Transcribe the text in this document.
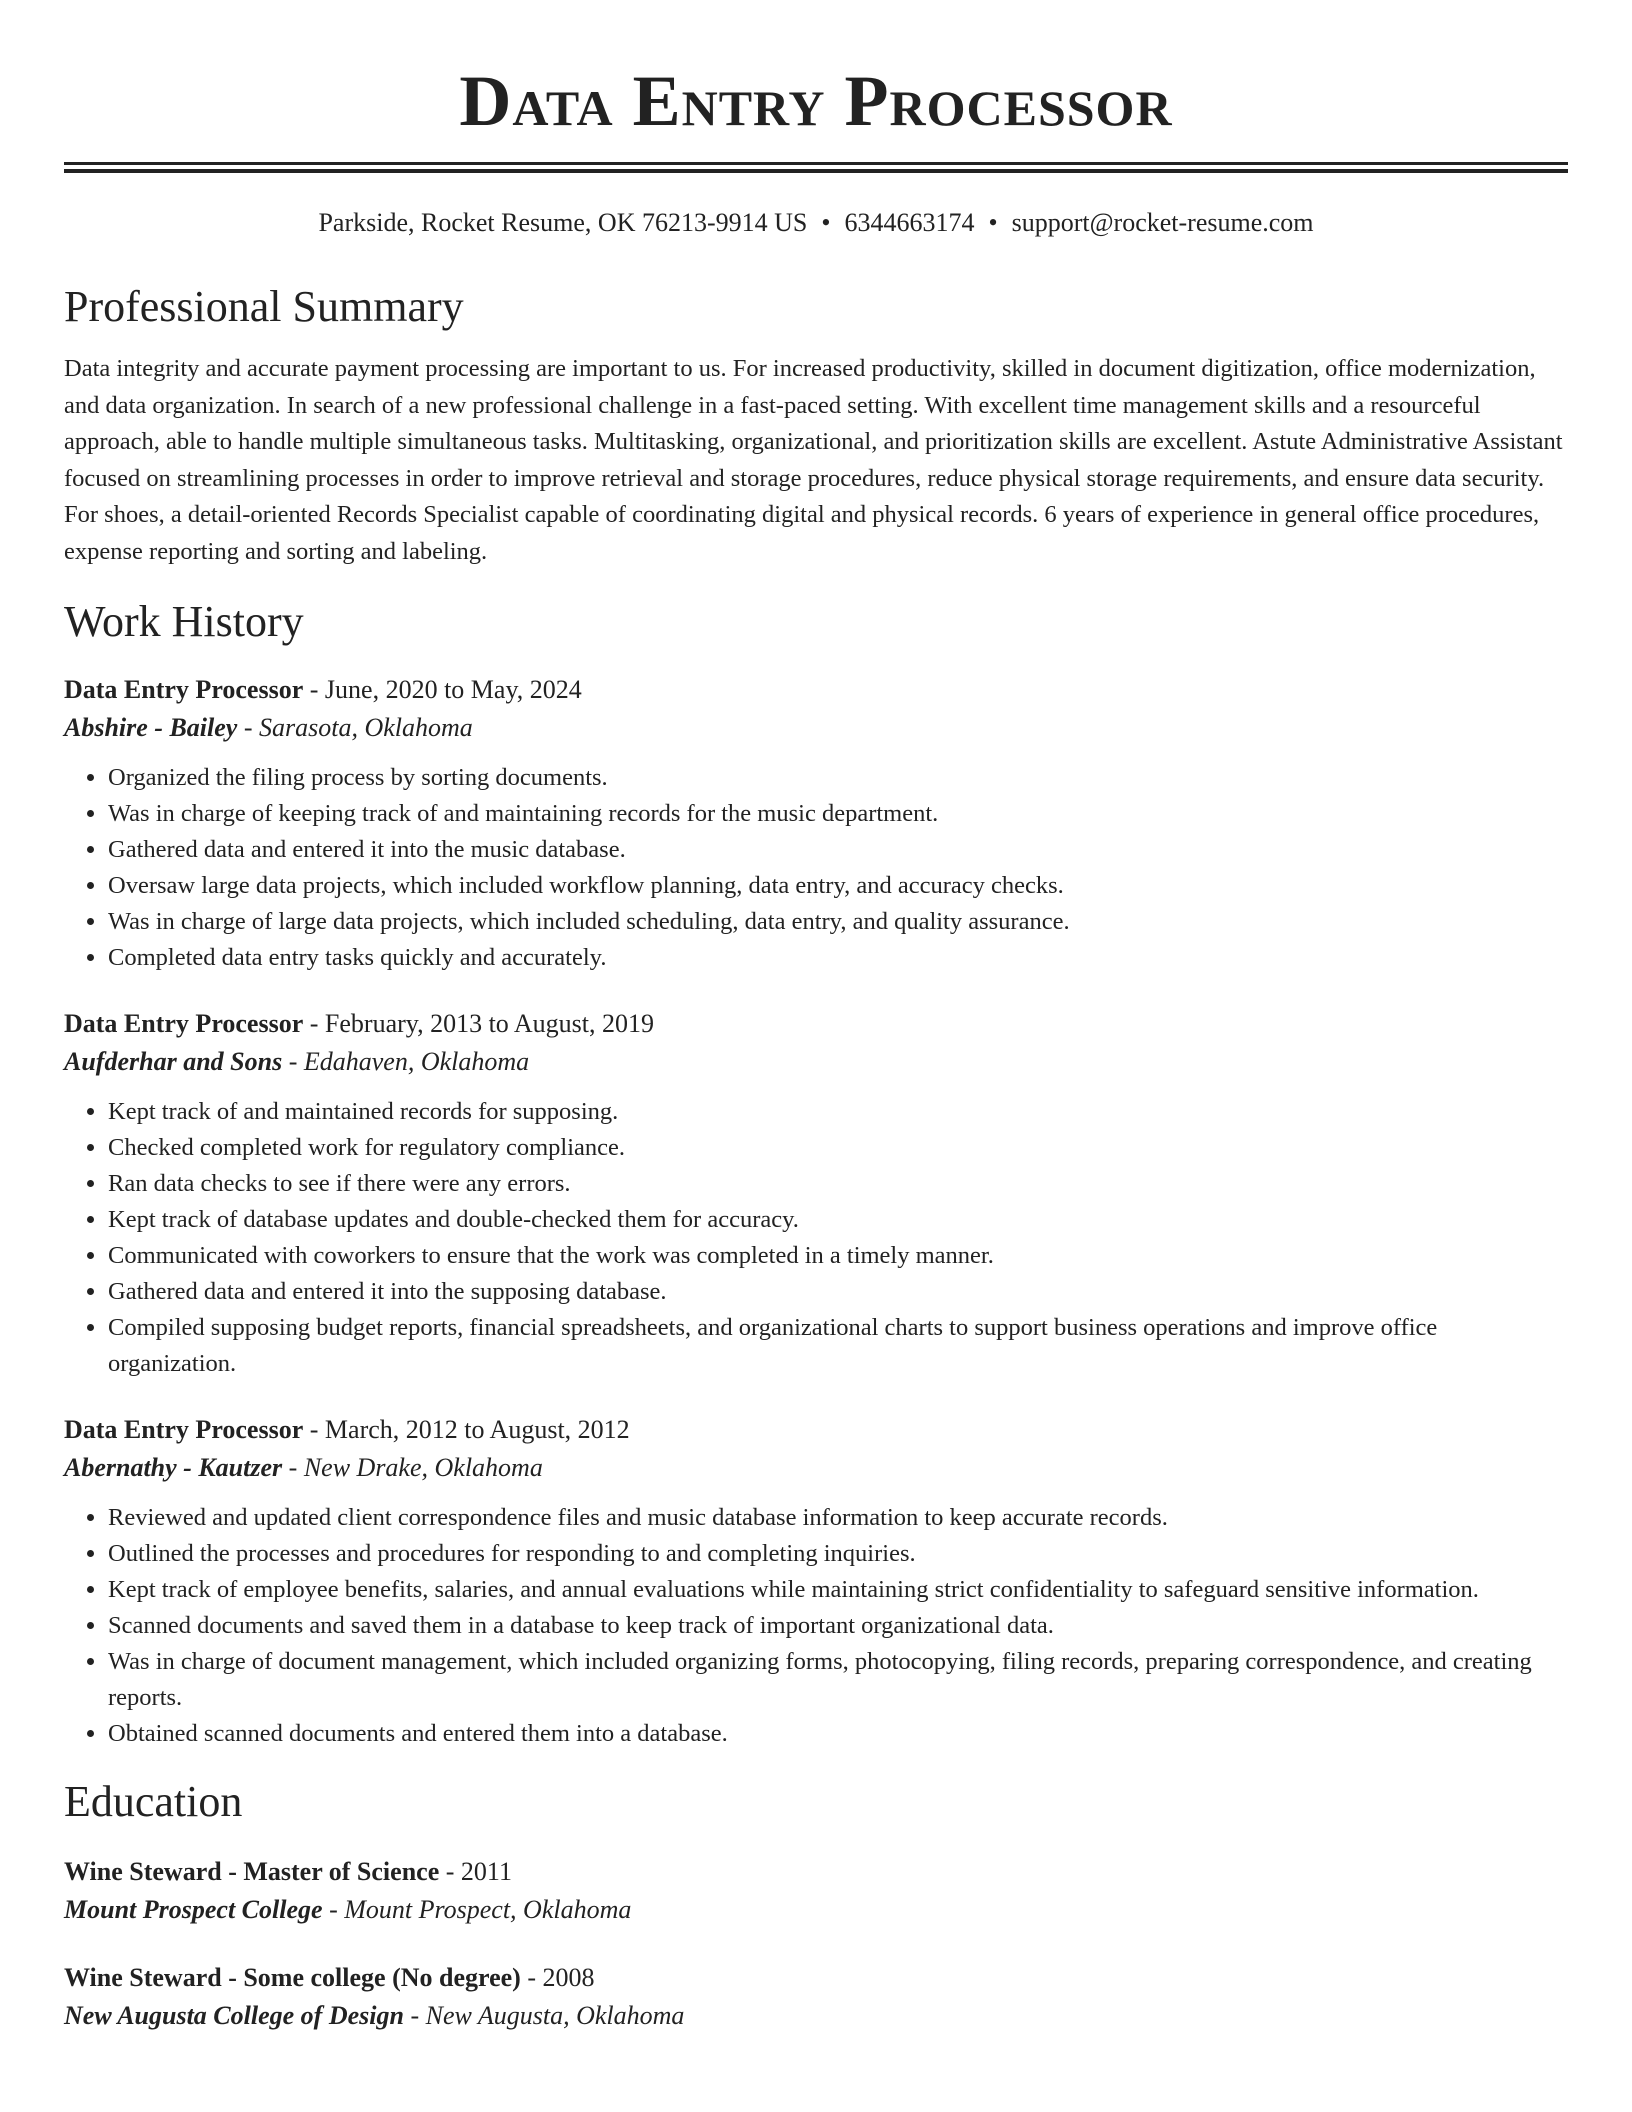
Data Entry Processor
Parkside, Rocket Resume, OK 76213-9914 US • 6344663174 • support@rocket-resume.com
Professional Summary
Data integrity and accurate payment processing are important to us. For increased productivity, skilled in document digitization, office modernization, and data organization. In search of a new professional challenge in a fast-paced setting. With excellent time management skills and a resourceful approach, able to handle multiple simultaneous tasks. Multitasking, organizational, and prioritization skills are excellent. Astute Administrative Assistant focused on streamlining processes in order to improve retrieval and storage procedures, reduce physical storage requirements, and ensure data security. For shoes, a detail-oriented Records Specialist capable of coordinating digital and physical records. 6 years of experience in general office procedures, expense reporting and sorting and labeling.
Work History
Data Entry Processor - June, 2020 to May, 2024
Abshire - Bailey - Sarasota, Oklahoma
• Organized the filing process by sorting documents.
• Was in charge of keeping track of and maintaining records for the music department.
• Gathered data and entered it into the music database.
• Oversaw large data projects, which included workflow planning, data entry, and accuracy checks.
• Was in charge of large data projects, which included scheduling, data entry, and quality assurance.
• Completed data entry tasks quickly and accurately.
Data Entry Processor - February, 2013 to August, 2019
Aufderhar and Sons - Edahaven, Oklahoma
• Kept track of and maintained records for supposing.
• Checked completed work for regulatory compliance.
• Ran data checks to see if there were any errors.
• Kept track of database updates and double-checked them for accuracy.
• Communicated with coworkers to ensure that the work was completed in a timely manner.
• Gathered data and entered it into the supposing database.
• Compiled supposing budget reports, financial spreadsheets, and organizational charts to support business operations and improve office organization.
Data Entry Processor - March, 2012 to August, 2012
Abernathy - Kautzer - New Drake, Oklahoma
• Reviewed and updated client correspondence files and music database information to keep accurate records.
• Outlined the processes and procedures for responding to and completing inquiries.
• Kept track of employee benefits, salaries, and annual evaluations while maintaining strict confidentiality to safeguard sensitive information.
• Scanned documents and saved them in a database to keep track of important organizational data.
• Was in charge of document management, which included organizing forms, photocopying, filing records, preparing correspondence, and creating reports.
• Obtained scanned documents and entered them into a database.
Education
Wine Steward - Master of Science - 2011
Mount Prospect College - Mount Prospect, Oklahoma
Wine Steward - Some college (No degree) - 2008
New Augusta College of Design - New Augusta, Oklahoma
